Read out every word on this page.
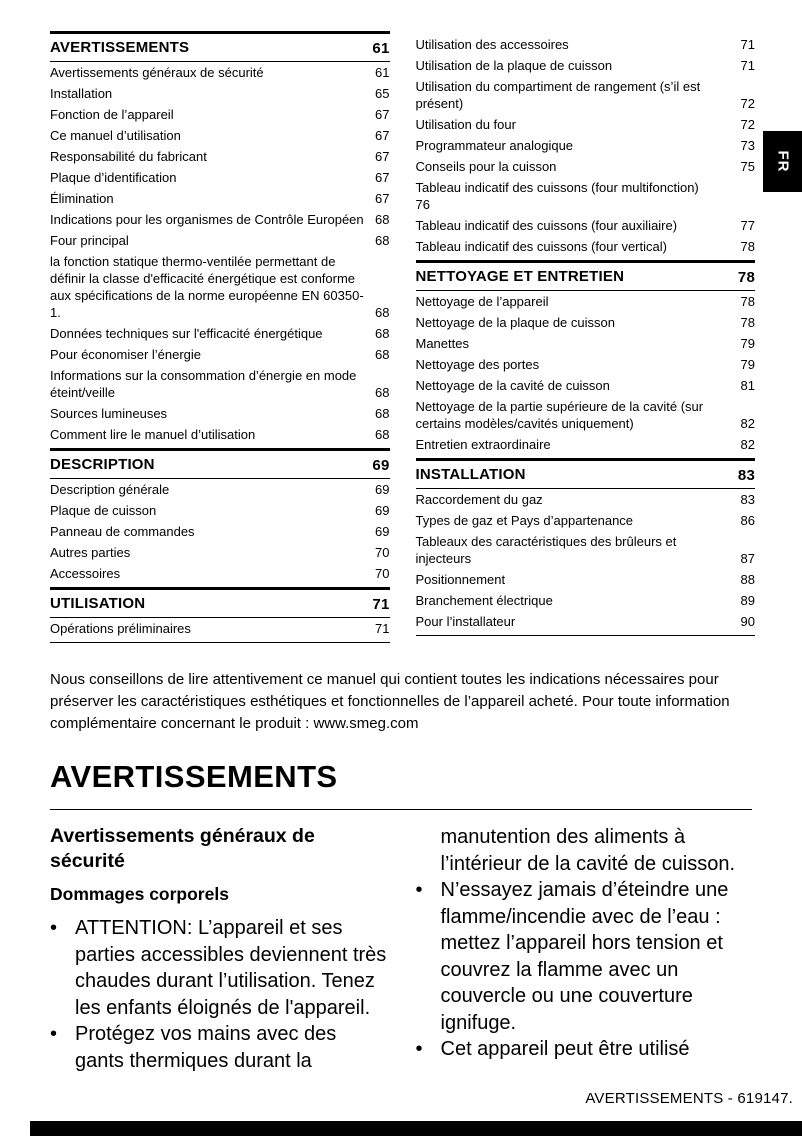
FR
AVERTISSEMENTS	61
Avertissements généraux de sécurité	61
Installation	65
Fonction de l’appareil	67
Ce manuel d’utilisation	67
Responsabilité du fabricant	67
Plaque d’identification	67
Élimination	67
Indications pour les organismes de Contrôle Européen 68
Four principal	68
la fonction statique thermo-ventilée permettant de définir la classe d'efficacité énergétique est conforme aux spécifications de la norme européenne EN 60350-1.	68
Données techniques sur l'efficacité énergétique	68
Pour économiser l’énergie	68
Informations sur la consommation d’énergie en mode éteint/veille	68
Sources lumineuses	68
Comment lire le manuel d’utilisation	68
DESCRIPTION	69
Description générale	69
Plaque de cuisson	69
Panneau de commandes	69
Autres parties	70
Accessoires	70
UTILISATION	71
Opérations préliminaires	71
Utilisation des accessoires	71
Utilisation de la plaque de cuisson	71
Utilisation du compartiment de rangement (s’il est présent)	72
Utilisation du four	72
Programmateur analogique	73
Conseils pour la cuisson	75
Tableau indicatif des cuissons (four multifonction)
76
Tableau indicatif des cuissons (four auxiliaire)	77
Tableau indicatif des cuissons (four vertical)	78
NETTOYAGE ET ENTRETIEN	78
Nettoyage de l’appareil	78
Nettoyage de la plaque de cuisson	78
Manettes	79
Nettoyage des portes	79
Nettoyage de la cavité de cuisson	81
Nettoyage de la partie supérieure de la cavité (sur certains modèles/cavités uniquement)	82
Entretien extraordinaire	82
INSTALLATION	83
Raccordement du gaz	83
Types de gaz et Pays d’appartenance	86
Tableaux des caractéristiques des brûleurs et injecteurs	87
Positionnement	88
Branchement électrique	89
Pour l’installateur	90

Nous conseillons de lire attentivement ce manuel qui contient toutes les indications nécessaires pour préserver les caractéristiques esthétiques et fonctionnelles de l’appareil acheté. Pour toute information complémentaire concernant le produit : www.smeg.com

AVERTISSEMENTS
Avertissements généraux de sécurité
Dommages corporels
• ATTENTION: L’appareil et ses parties accessibles deviennent très chaudes durant l’utilisation. Tenez les enfants éloignés de l'appareil.
• Protégez vos mains avec des gants thermiques durant la

manutention des aliments à l’intérieur de la cavité de cuisson.

• N’essayez jamais d’éteindre une flamme/incendie avec de l’eau : mettez l’appareil hors tension et couvrez la flamme avec un couvercle ou une couverture ignifuge.
• Cet appareil peut être utilisé
AVERTISSEMENTS - 619147.
